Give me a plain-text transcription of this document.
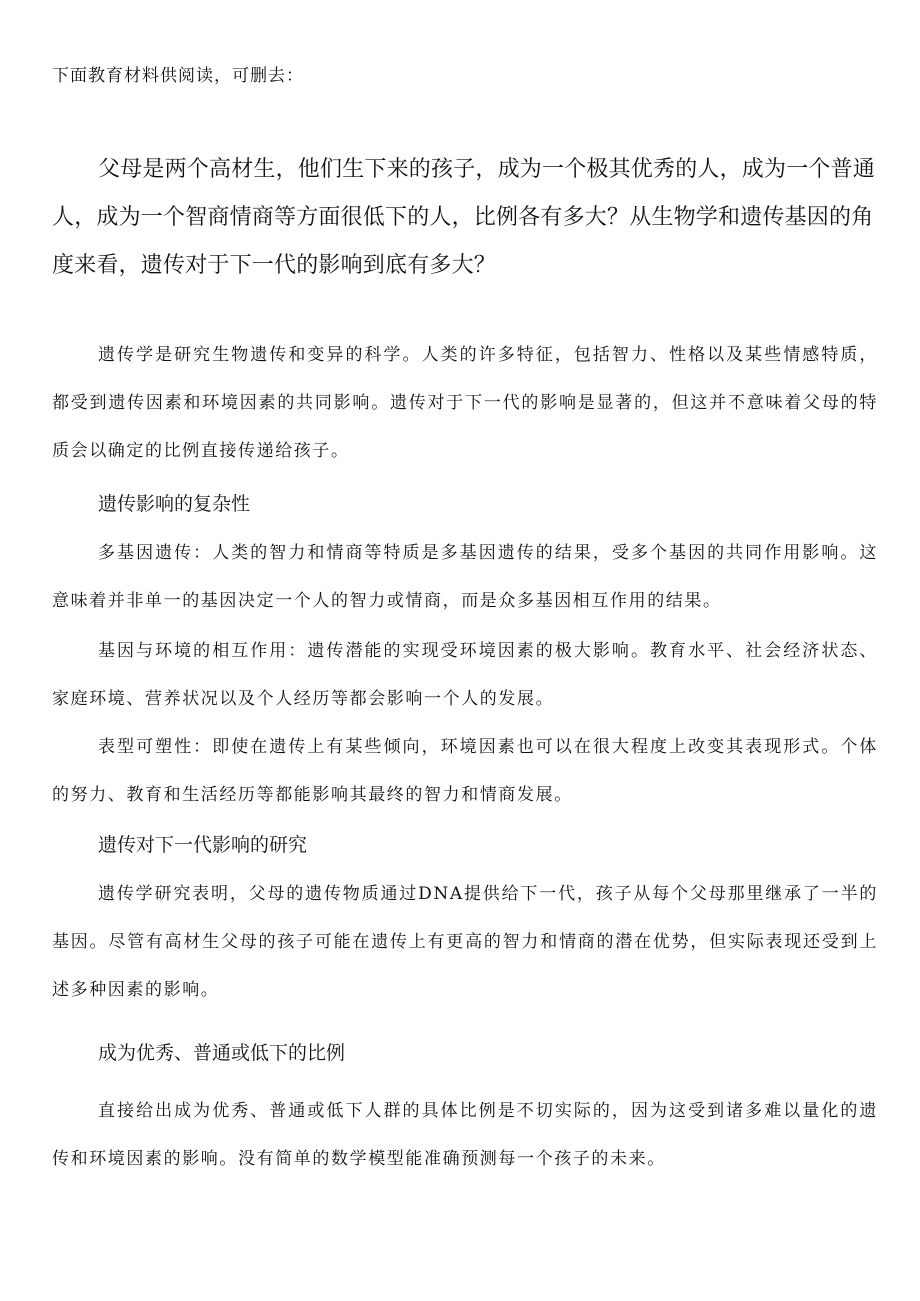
下面教育材料供阅读，可删去：

父母是两个高材生，他们生下来的孩子，成为一个极其优秀的人，成为一个普通人，成为一个智商情商等方面很低下的人，比例各有多大？从生物学和遗传基因的角度来看，遗传对于下一代的影响到底有多大？

遗传学是研究生物遗传和变异的科学。人类的许多特征，包括智力、性格以及某些情感特质，都受到遗传因素和环境因素的共同影响。遗传对于下一代的影响是显著的，但这并不意味着父母的特质会以确定的比例直接传递给孩子。

遗传影响的复杂性

多基因遗传：人类的智力和情商等特质是多基因遗传的结果，受多个基因的共同作用影响。这意味着并非单一的基因决定一个人的智力或情商，而是众多基因相互作用的结果。

基因与环境的相互作用：遗传潜能的实现受环境因素的极大影响。教育水平、社会经济状态、家庭环境、营养状况以及个人经历等都会影响一个人的发展。

表型可塑性：即使在遗传上有某些倾向，环境因素也可以在很大程度上改变其表现形式。个体的努力、教育和生活经历等都能影响其最终的智力和情商发展。

遗传对下一代影响的研究

遗传学研究表明，父母的遗传物质通过DNA提供给下一代，孩子从每个父母那里继承了一半的基因。尽管有高材生父母的孩子可能在遗传上有更高的智力和情商的潜在优势，但实际表现还受到上述多种因素的影响。

成为优秀、普通或低下的比例

直接给出成为优秀、普通或低下人群的具体比例是不切实际的，因为这受到诸多难以量化的遗传和环境因素的影响。没有简单的数学模型能准确预测每一个孩子的未来。
